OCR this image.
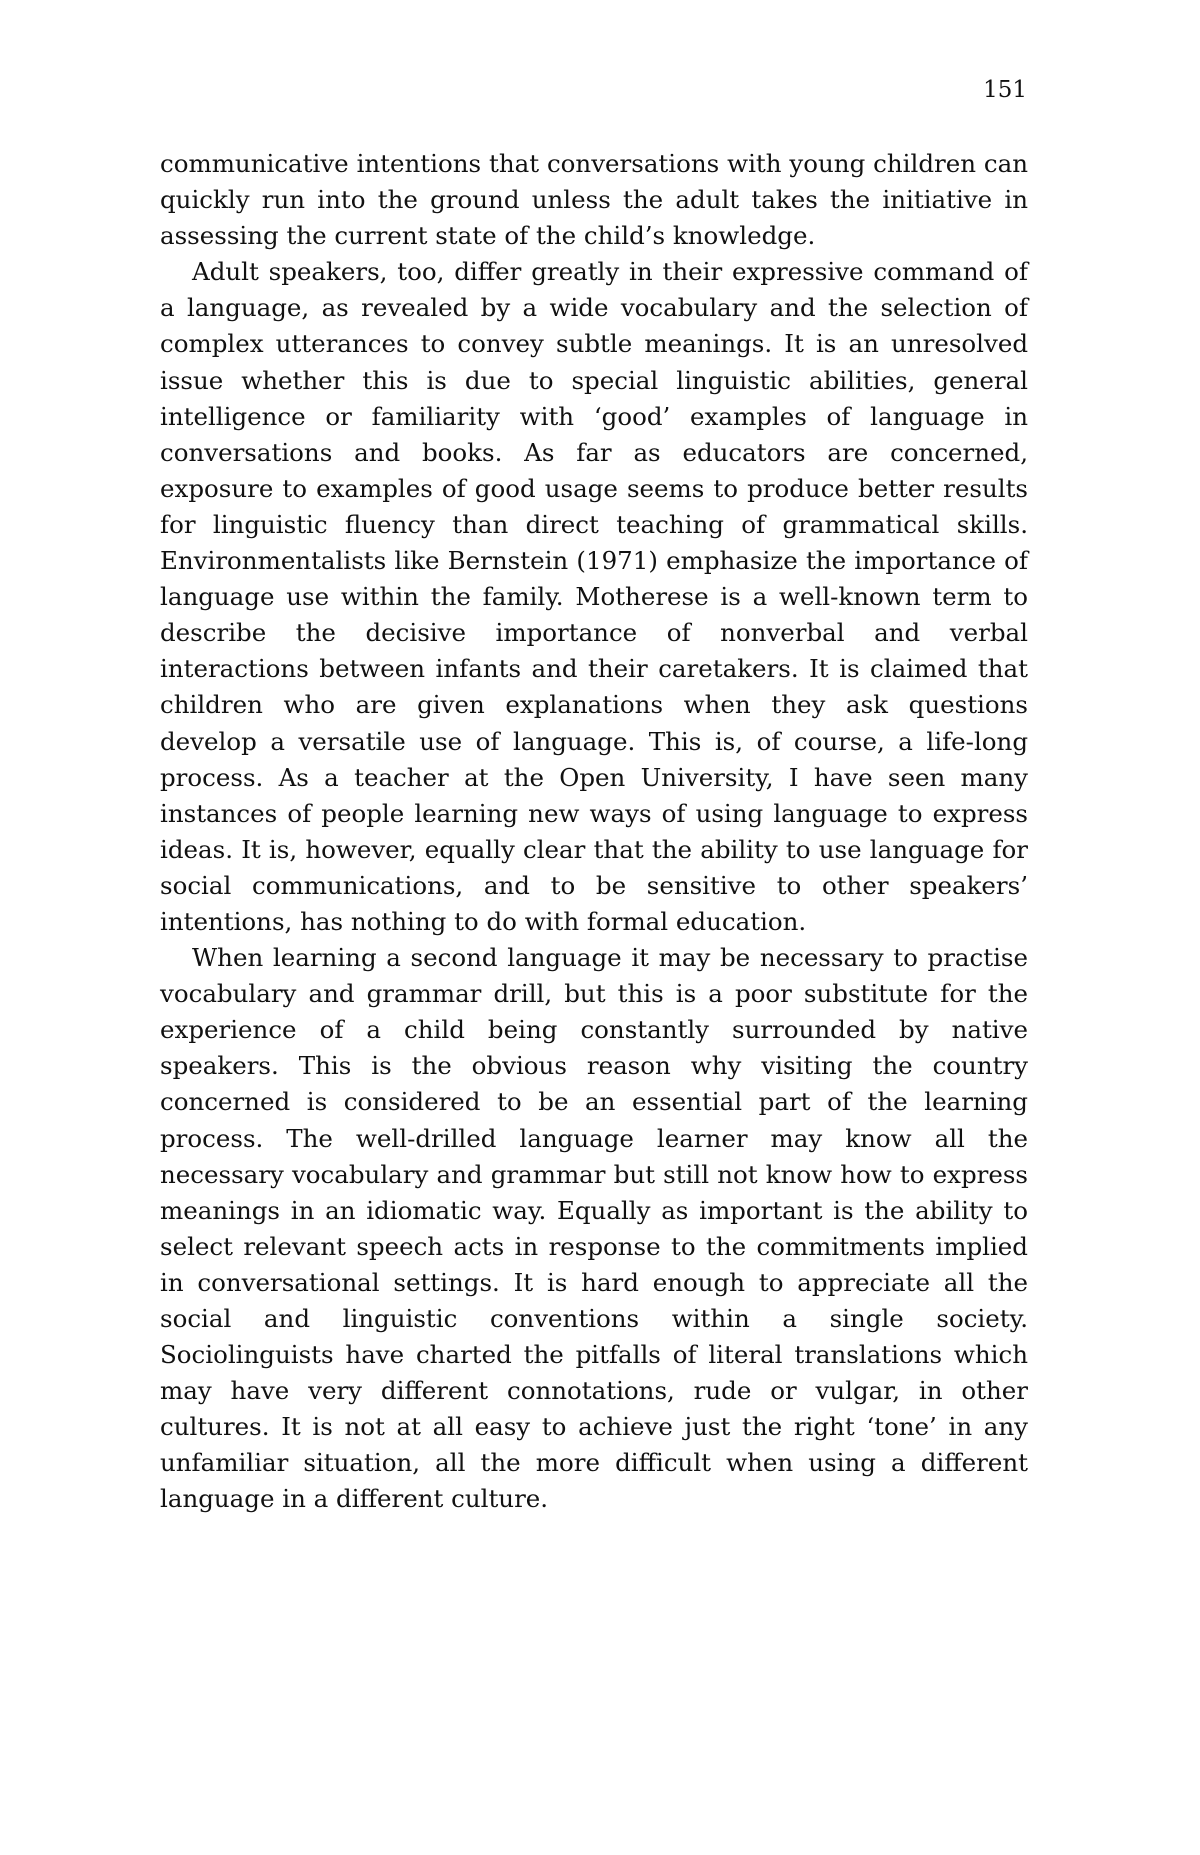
151

communicative intentions that conversations with young children can quickly run into the ground unless the adult takes the initiative in assessing the current state of the child’s knowledge.

Adult speakers, too, differ greatly in their expressive command of a language, as revealed by a wide vocabulary and the selection of complex utterances to convey subtle meanings. It is an unresolved issue whether this is due to special linguistic abilities, general intelligence or familiarity with ‘good’ examples of language in conversations and books. As far as educators are concerned, exposure to examples of good usage seems to produce better results for linguistic fluency than direct teaching of grammatical skills. Environmentalists like Bernstein (1971) emphasize the importance of language use within the family. Motherese is a well-known term to describe the decisive importance of nonverbal and verbal interactions between infants and their caretakers. It is claimed that children who are given explanations when they ask questions develop a versatile use of language. This is, of course, a life-long process. As a teacher at the Open University, I have seen many instances of people learning new ways of using language to express ideas. It is, however, equally clear that the ability to use language for social communications, and to be sensitive to other speakers’ intentions, has nothing to do with formal education.

When learning a second language it may be necessary to practise vocabulary and grammar drill, but this is a poor substitute for the experience of a child being constantly surrounded by native speakers. This is the obvious reason why visiting the country concerned is considered to be an essential part of the learning process. The well-drilled language learner may know all the necessary vocabulary and grammar but still not know how to express meanings in an idiomatic way. Equally as important is the ability to select relevant speech acts in response to the commitments implied in conversational settings. It is hard enough to appreciate all the social and linguistic conventions within a single society. Sociolinguists have charted the pitfalls of literal translations which may have very different connotations, rude or vulgar, in other cultures. It is not at all easy to achieve just the right ‘tone’ in any unfamiliar situation, all the more difficult when using a different language in a different culture.
